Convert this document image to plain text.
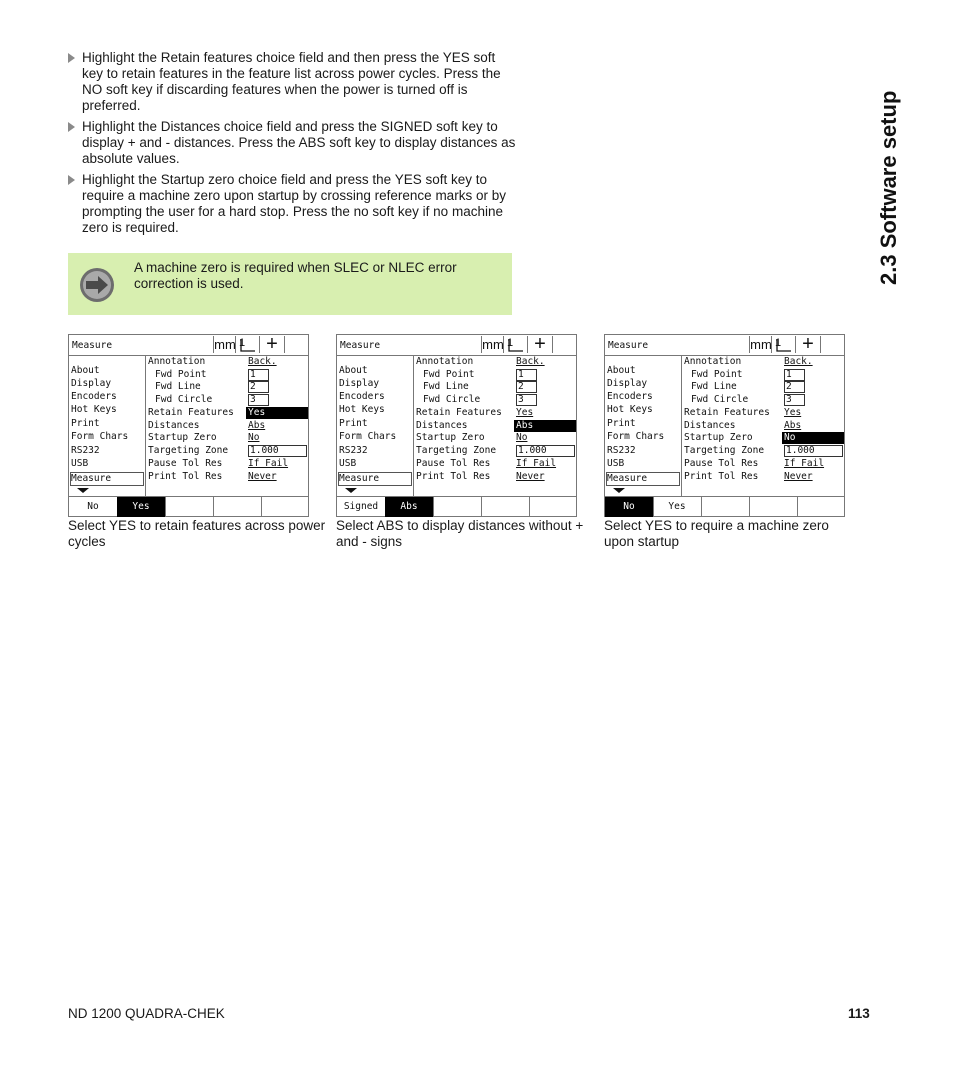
2.3 Software setup
Highlight the Retain features choice field and then press the YES soft key to retain features in the feature list across power cycles. Press the NO soft key if discarding features when the power is turned off is preferred.
Highlight the Distances choice field and press the SIGNED soft key to display + and - distances. Press the ABS soft key to display distances as absolute values.
Highlight the Startup zero choice field and press the YES soft key to require a machine zero upon startup by crossing reference marks or by prompting the user for a hard stop. Press the no soft key if no machine zero is required.
A machine zero is required when SLEC or NLEC error correction is used.
Measure	mm 1	+
About
Display
Encoders
Hot Keys
Print
Form Chars
RS232
USB
Measure
Annotation	Back.
Fwd Point	1
Fwd Line	2
Fwd Circle	3
Retain Features Yes
Distances	Abs
Startup Zero	No
Targeting Zone 1.000
Pause Tol Res	If Fail
Print Tol Res	Never
No	Yes
Select YES to retain features across power cycles
Measure	mm 1	+
About
Display
Encoders
Hot Keys
Print
Form Chars
RS232
USB
Measure
Annotation	Back.
Fwd Point	1
Fwd Line	2
Fwd Circle	3
Retain Features Yes
Distances	Abs
Startup Zero	No
Targeting Zone 1.000
Pause Tol Res	If Fail
Print Tol Res	Never
Signed	Abs
Select ABS to display distances without + and - signs
Measure	mm 1	+
About
Display
Encoders
Hot Keys
Print
Form Chars
RS232
USB
Measure
Annotation	Back.
Fwd Point	1
Fwd Line	2
Fwd Circle	3
Retain Features Yes
Distances	Abs
Startup Zero	No
Targeting Zone 1.000
Pause Tol Res	If Fail
Print Tol Res	Never
No	Yes
Select YES to require a machine zero upon startup
ND 1200 QUADRA-CHEK	113
